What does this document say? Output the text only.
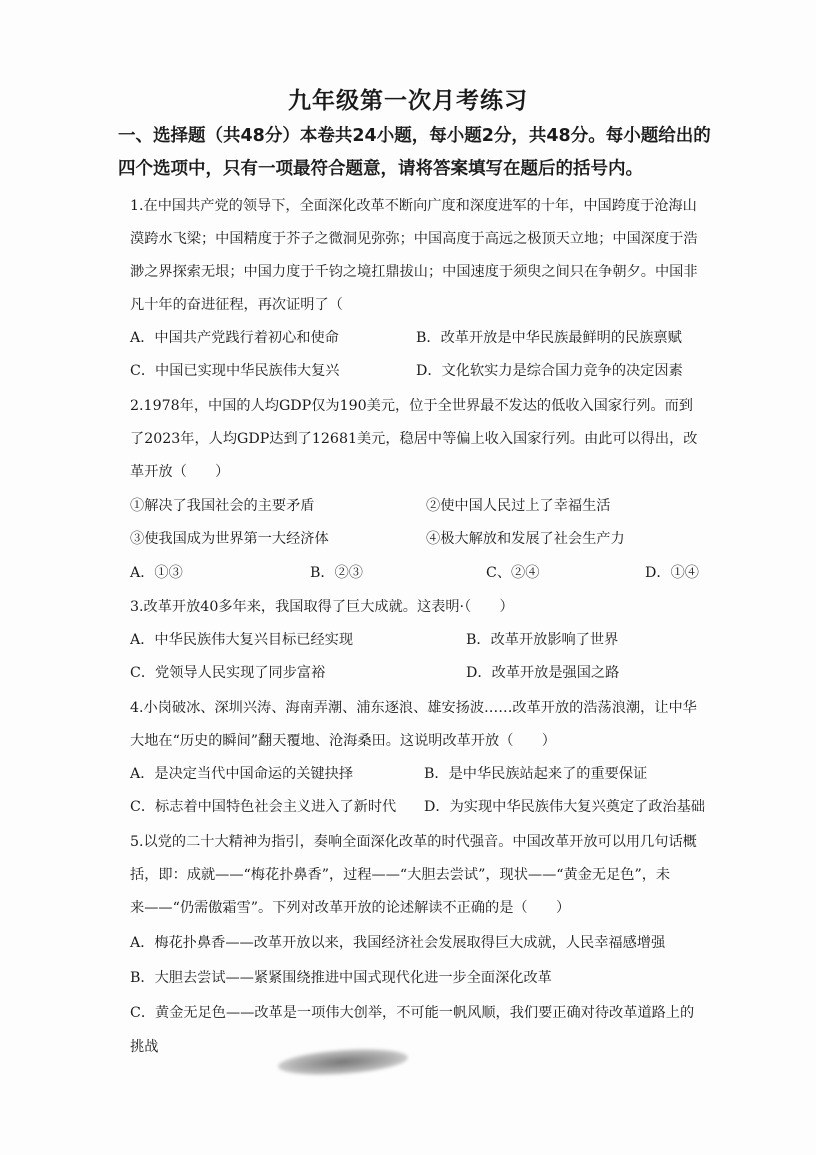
九年级第一次月考练习
一、选择题（共48分）本卷共24小题，每小题2分，共48分。每小题给出的
四个选项中，只有一项最符合题意，请将答案填写在题后的括号内。
1.在中国共产党的领导下，全面深化改革不断向广度和深度进军的十年，中国跨度于沧海山
漠跨水飞梁；中国精度于芥子之微洞见弥弥；中国高度于高远之极顶天立地；中国深度于浩
渺之界探索无垠；中国力度于千钧之境扛鼎拔山；中国速度于须臾之间只在争朝夕。中国非
凡十年的奋进征程，再次证明了（
A．中国共产党践行着初心和使命	B．改革开放是中华民族最鲜明的民族禀赋
C．中国已实现中华民族伟大复兴	D．文化软实力是综合国力竞争的决定因素
2.1978年，中国的人均GDP仅为190美元，位于全世界最不发达的低收入国家行列。而到
了2023年，人均GDP达到了12681美元，稳居中等偏上收入国家行列。由此可以得出，改
革开放（　　）
①解决了我国社会的主要矛盾	②使中国人民过上了幸福生活
③使我国成为世界第一大经济体	④极大解放和发展了社会生产力
A．①③	B．②③	C、②④	D．①④
3.改革开放40多年来，我国取得了巨大成就。这表明·（　　）
A．中华民族伟大复兴目标已经实现	B．改革开放影响了世界
C．党领导人民实现了同步富裕	D．改革开放是强国之路
4.小岗破冰、深圳兴涛、海南弄潮、浦东逐浪、雄安扬波……改革开放的浩荡浪潮，让中华
大地在“历史的瞬间”翻天覆地、沧海桑田。这说明改革开放（　　）
A．是决定当代中国命运的关键抉择	B．是中华民族站起来了的重要保证
C．标志着中国特色社会主义进入了新时代 D．为实现中华民族伟大复兴奠定了政治基础
5.以党的二十大精神为指引，奏响全面深化改革的时代强音。中国改革开放可以用几句话概
括，即：成就——“梅花扑鼻香”，过程——“大胆去尝试”，现状——“黄金无足色”，未
来——“仍需傲霜雪”。下列对改革开放的论述解读不正确的是（　　）
A．梅花扑鼻香——改革开放以来，我国经济社会发展取得巨大成就，人民幸福感增强
B．大胆去尝试——紧紧围绕推进中国式现代化进一步全面深化改革
C．黄金无足色——改革是一项伟大创举，不可能一帆风顺，我们要正确对待改革道路上的
挑战
